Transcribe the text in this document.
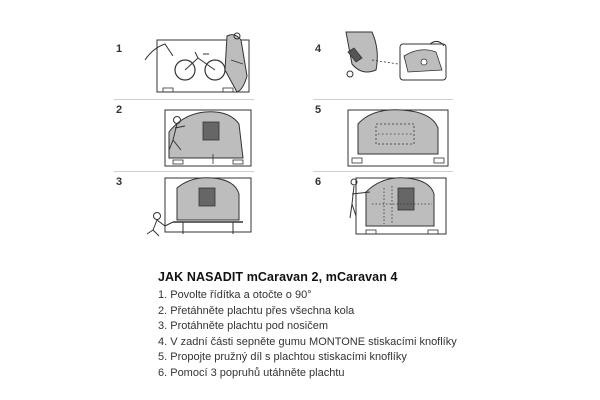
1
2
3
4
5
6
JAK NASADIT mCaravan 2, mCaravan 4
1. Povolte řídítka a otočte o 90°
2. Přetáhněte plachtu přes všechna kola
3. Protáhněte plachtu pod nosičem
4. V zadní části sepněte gumu MONTONE stiskacími knoflíky
5. Propojte pružný díl s plachtou stiskacími knoflíky
6. Pomocí 3 popruhů utáhněte plachtu
